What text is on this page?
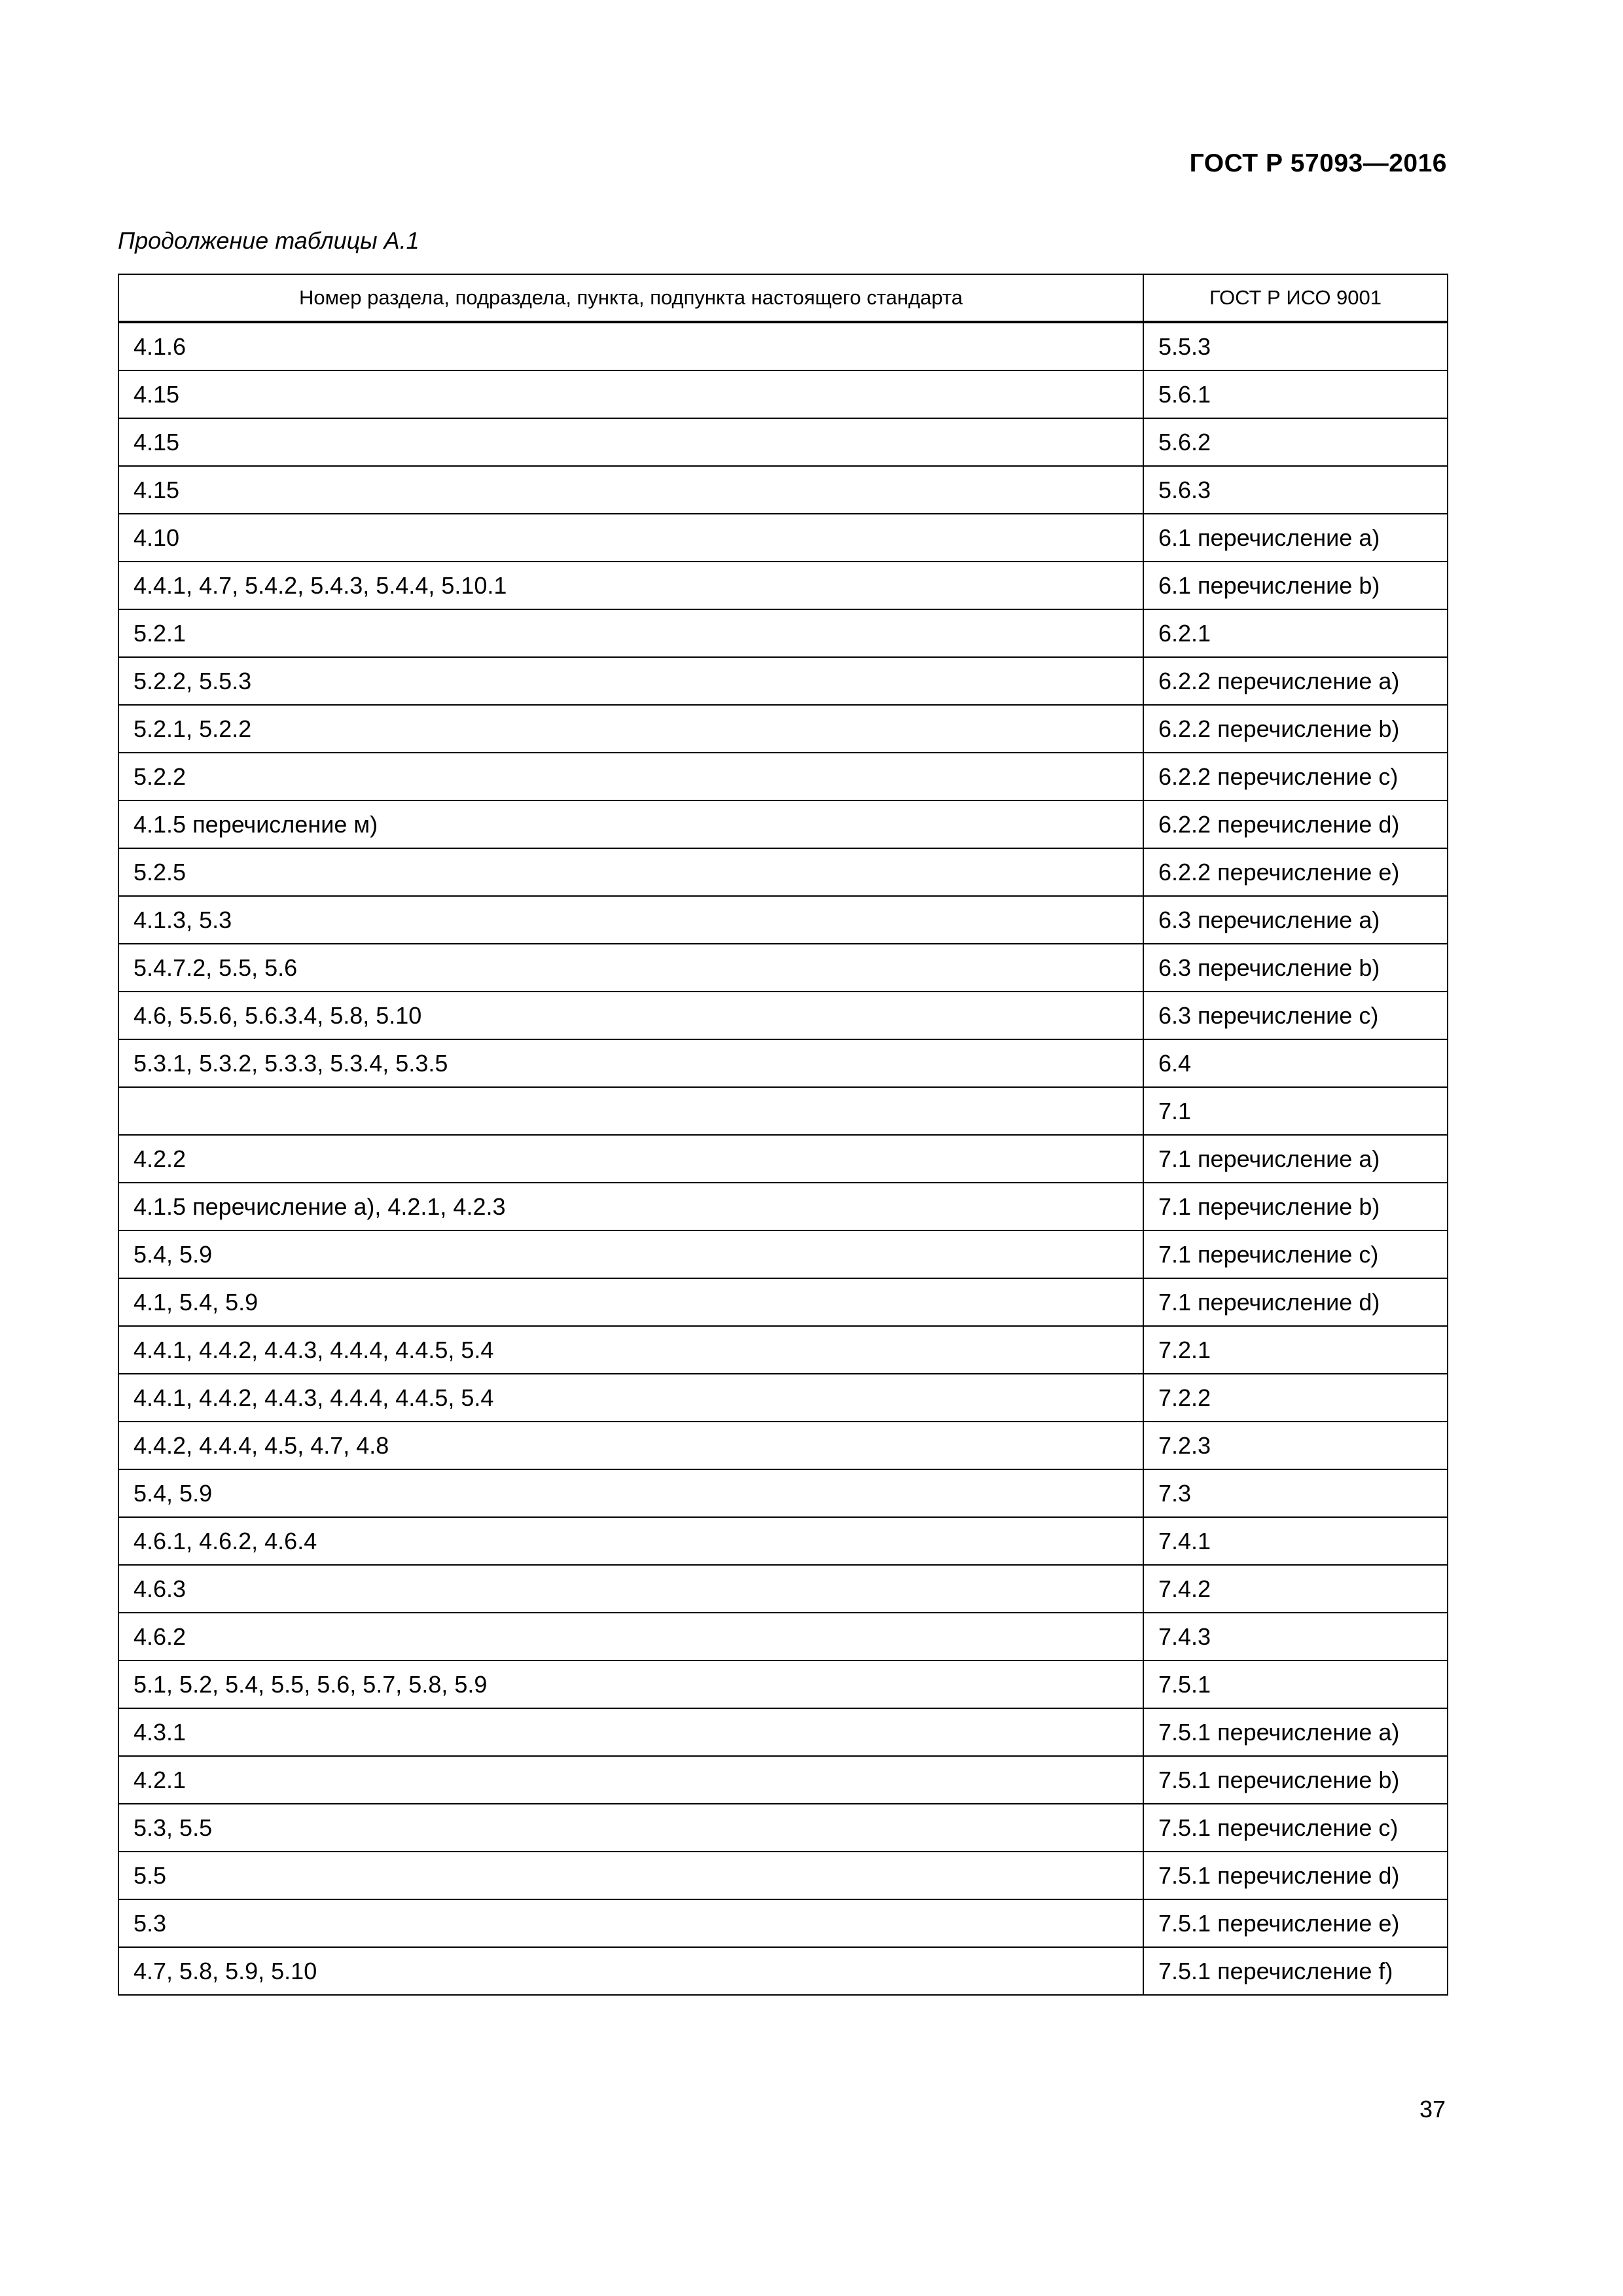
ГОСТ Р 57093—2016
Продолжение таблицы А.1
Номер раздела, подраздела, пункта, подпункта настоящего стандарта	ГОСТ Р ИСО 9001
4.1.6	5.5.3
4.15	5.6.1
4.15	5.6.2
4.15	5.6.3
4.10	6.1 перечисление а)
4.4.1, 4.7, 5.4.2, 5.4.3, 5.4.4, 5.10.1	6.1 перечисление b)
5.2.1	6.2.1
5.2.2, 5.5.3	6.2.2 перечисление а)
5.2.1, 5.2.2	6.2.2 перечисление b)
5.2.2	6.2.2 перечисление с)
4.1.5 перечисление м)	6.2.2 перечисление d)
5.2.5	6.2.2 перечисление е)
4.1.3, 5.3	6.3 перечисление а)
5.4.7.2, 5.5, 5.6	6.3 перечисление b)
4.6, 5.5.6, 5.6.3.4, 5.8, 5.10	6.3 перечисление с)
5.3.1, 5.3.2, 5.3.3, 5.3.4, 5.3.5	6.4
	7.1
4.2.2	7.1 перечисление а)
4.1.5 перечисление а), 4.2.1, 4.2.3	7.1 перечисление b)
5.4, 5.9	7.1 перечисление с)
4.1, 5.4, 5.9	7.1 перечисление d)
4.4.1, 4.4.2, 4.4.3, 4.4.4, 4.4.5, 5.4	7.2.1
4.4.1, 4.4.2, 4.4.3, 4.4.4, 4.4.5, 5.4	7.2.2
4.4.2, 4.4.4, 4.5, 4.7, 4.8	7.2.3
5.4, 5.9	7.3
4.6.1, 4.6.2, 4.6.4	7.4.1
4.6.3	7.4.2
4.6.2	7.4.3
5.1, 5.2, 5.4, 5.5, 5.6, 5.7, 5.8, 5.9	7.5.1
4.3.1	7.5.1 перечисление а)
4.2.1	7.5.1 перечисление b)
5.3, 5.5	7.5.1 перечисление с)
5.5	7.5.1 перечисление d)
5.3	7.5.1 перечисление е)
4.7, 5.8, 5.9, 5.10	7.5.1 перечисление f)
37
